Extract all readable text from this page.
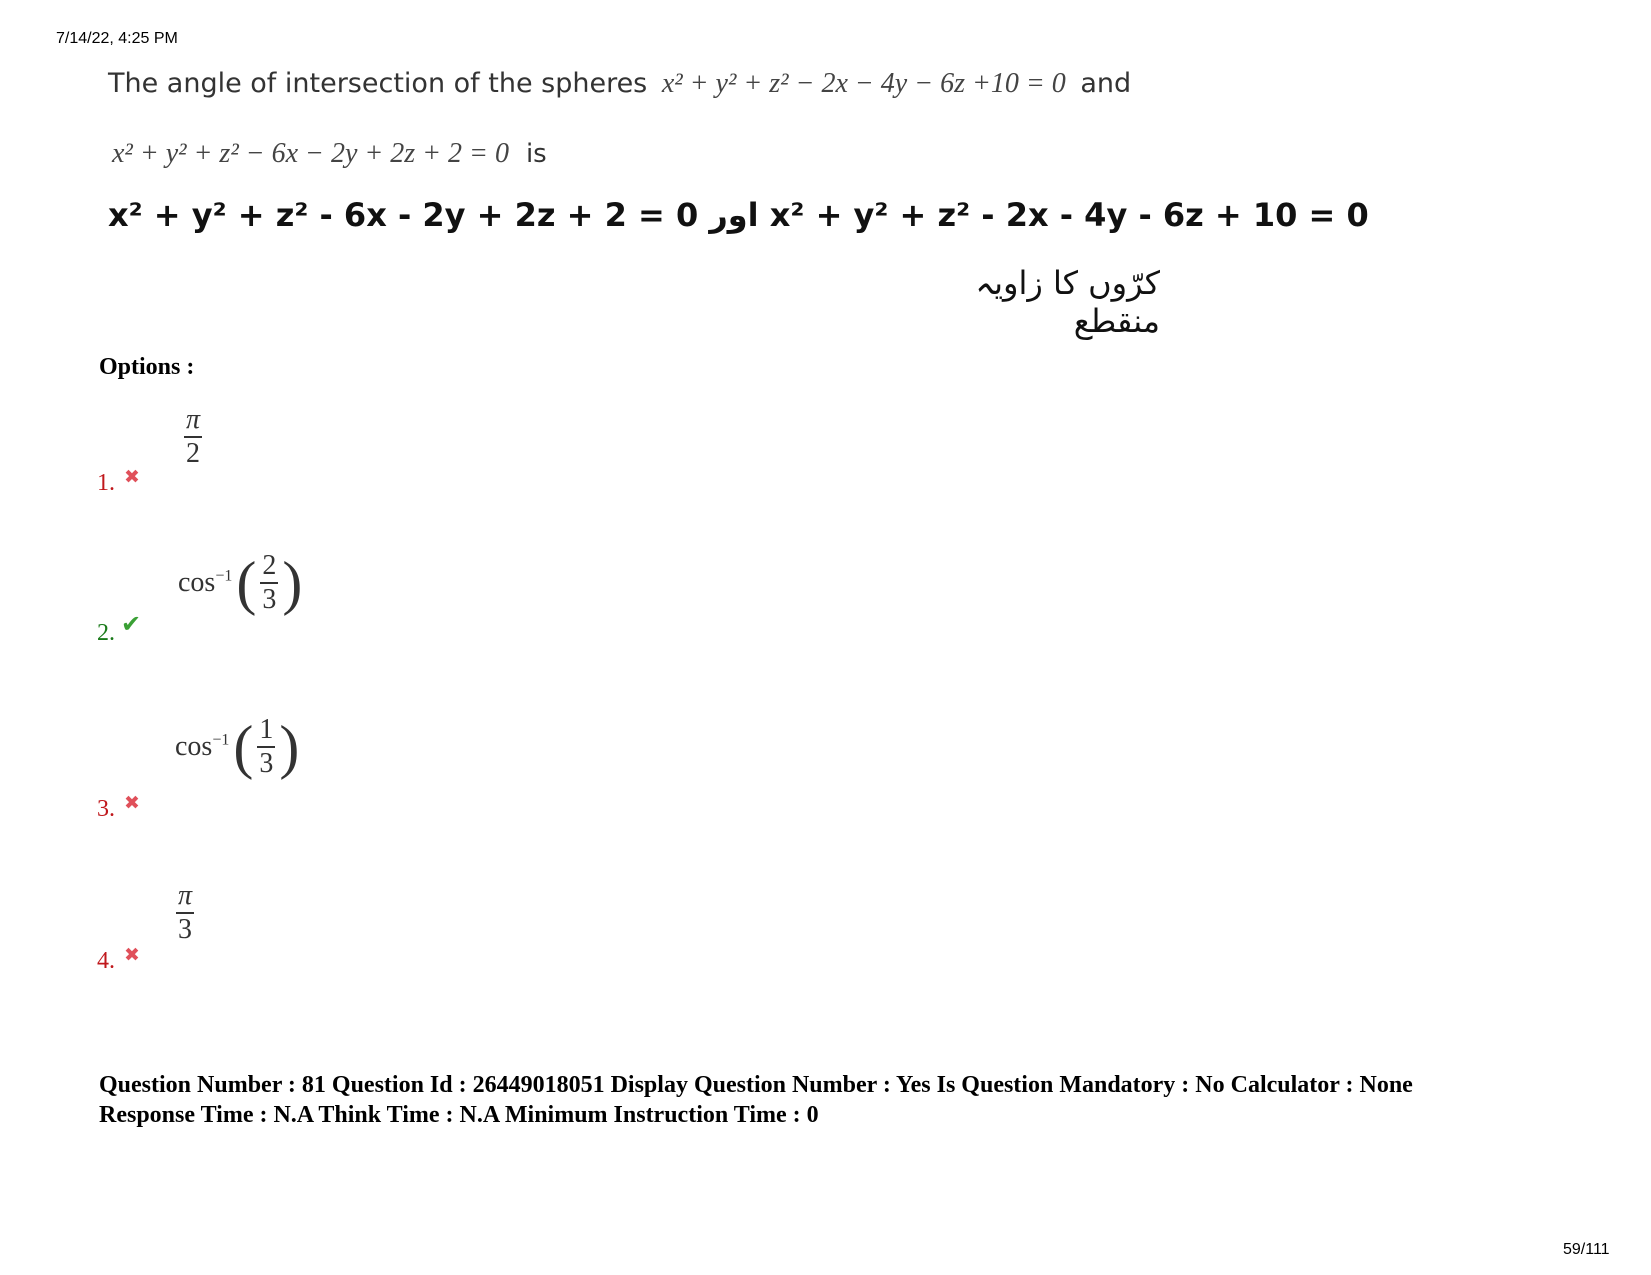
7/14/22, 4:25 PM
The angle of intersection of the spheres x² + y² + z² − 2x − 4y − 6z +10 = 0 and
x² + y² + z² − 6x − 2y + 2z + 2 = 0 is
x² + y² + z² - 6x - 2y + 2z + 2 = 0 اور x² + y² + z² - 2x - 4y - 6z + 10 = 0
کرّوں کا زاویہ منقطع
Options :
1. ✖
$\frac{\pi}{2}$
2. ✔
$\cos^{-1}$ ( $\frac{2}{3}$ )
3. ✖
$\cos^{-1}$ ( $\frac{1}{3}$ )
4. ✖
$\frac{\pi}{3}$
Question Number : 81 Question Id : 26449018051 Display Question Number : Yes Is Question Mandatory : No Calculator : None
Response Time : N.A Think Time : N.A Minimum Instruction Time : 0
59/111
